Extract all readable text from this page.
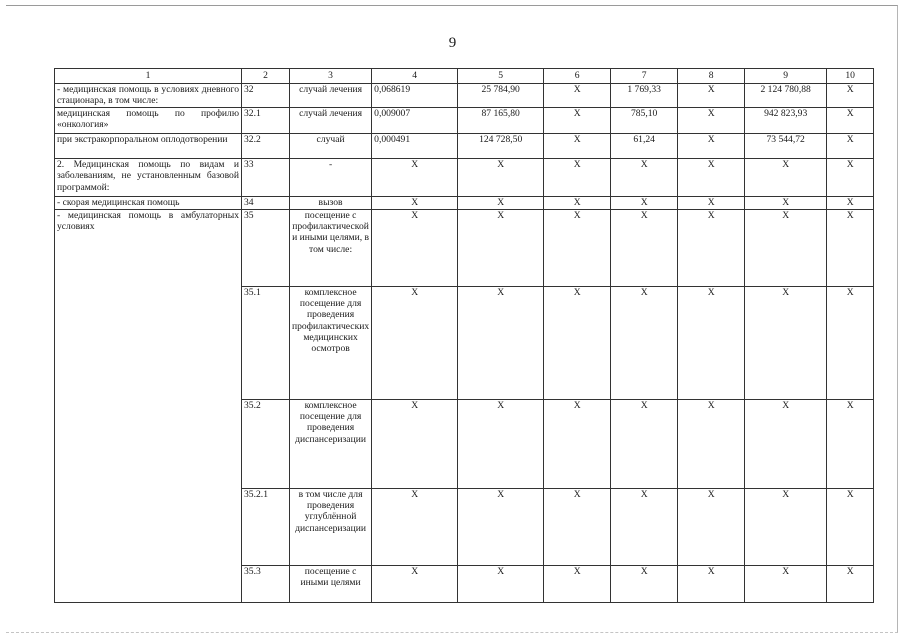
9
1	2	3	4	5	6	7	8	9	10
- медицинская помощь в условиях дневного стационара, в том числе:	32	случай лечения	0,068619	25 784,90	Х	1 769,33	Х	2 124 780,88	Х
медицинская помощь по профилю «онкология»	32.1	случай лечения	0,009007	87 165,80	Х	785,10	Х	942 823,93	Х
при экстракорпоральном оплодотворении	32.2	случай	0,000491	124 728,50	Х	61,24	Х	73 544,72	Х
2. Медицинская помощь по видам и заболеваниям, не установленным базовой программой:	33	-	Х	Х	Х	Х	Х	Х	Х
- скорая медицинская помощь	34	вызов	Х	Х	Х	Х	Х	Х	Х
- медицинская помощь в амбулаторных условиях	35	посещение с профилактической и иными целями, в том числе:	Х	Х	Х	Х	Х	Х	Х
	35.1	комплексное посещение для проведения профилактических медицинских осмотров	Х	Х	Х	Х	Х	Х	Х
	35.2	комплексное посещение для проведения диспансеризации	Х	Х	Х	Х	Х	Х	Х
	35.2.1	в том числе для проведения углублённой диспансеризации	Х	Х	Х	Х	Х	Х	Х
	35.3	посещение с иными целями	Х	Х	Х	Х	Х	Х	Х
